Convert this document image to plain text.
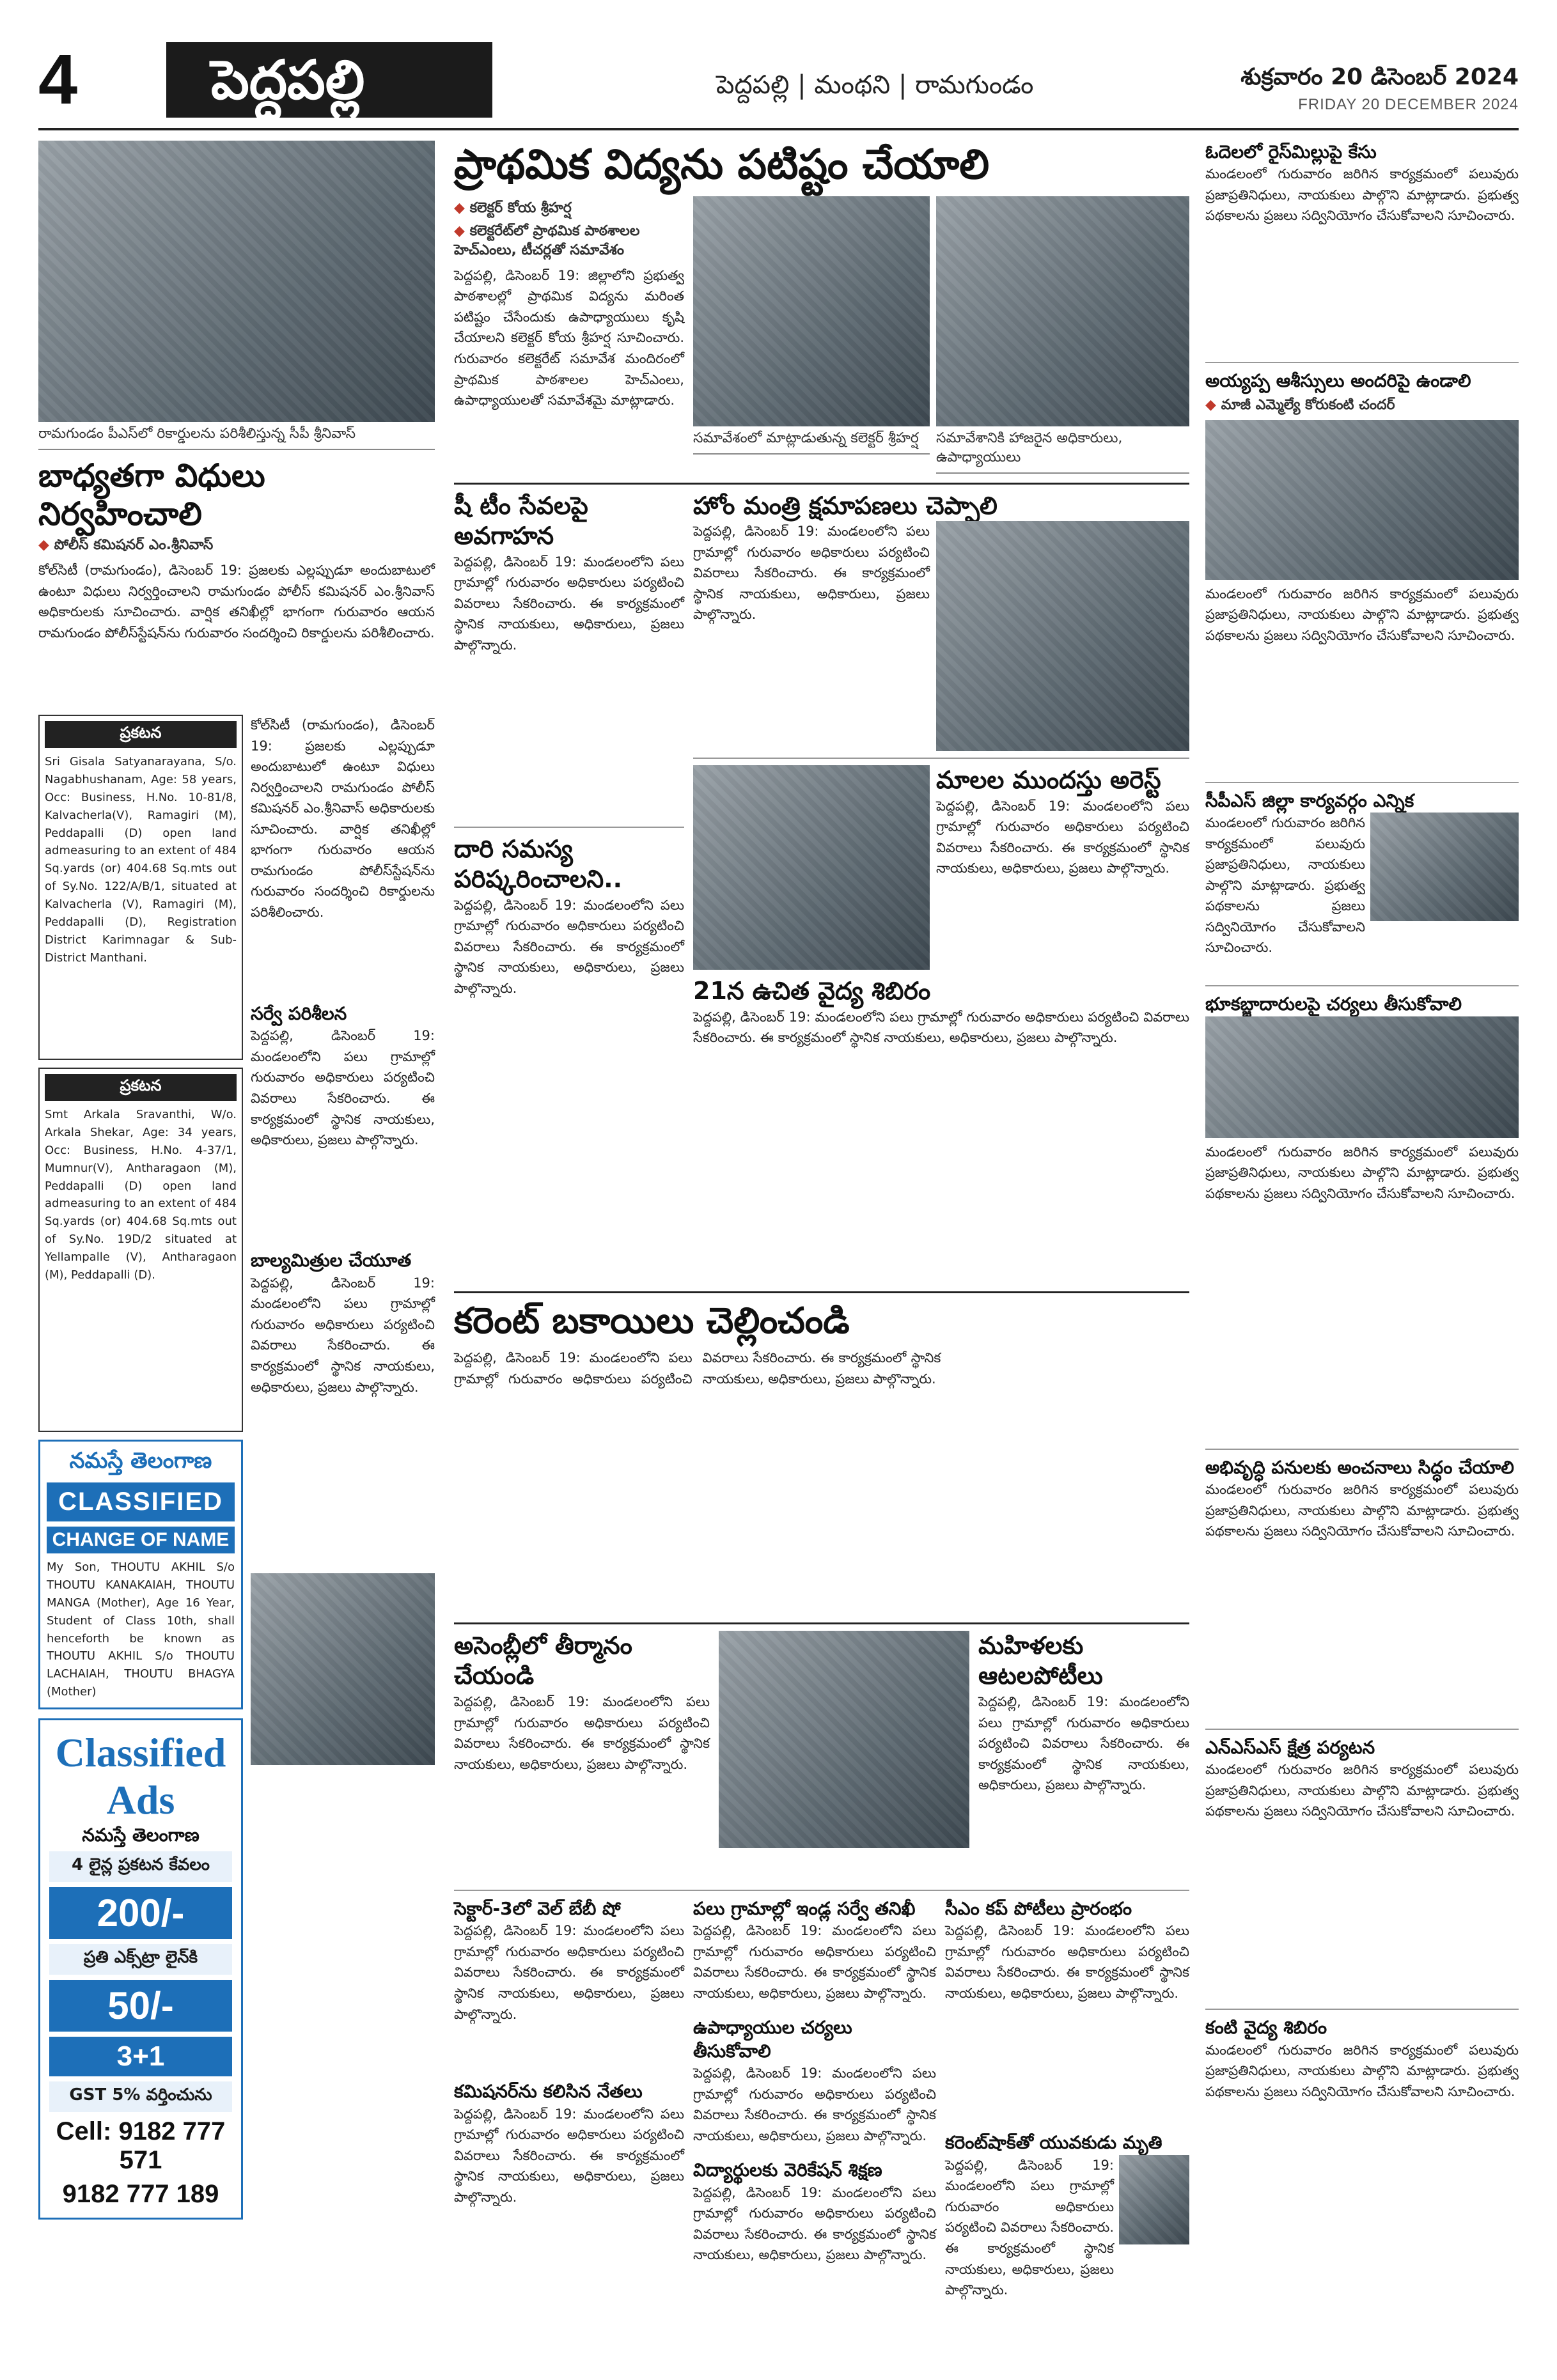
4	పెద్దపల్లి	పెద్దపల్లి | మంథని | రామగుండం	శుక్రవారం 20 డిసెంబర్ 2024
FRIDAY 20 DECEMBER 2024
రామగుండం పీఎస్‌లో రికార్డులను పరిశీలిస్తున్న సీపీ శ్రీనివాస్
బాధ్యతగా విధులు నిర్వహించాలి
◆ పోలీస్ కమిషనర్ ఎం.శ్రీనివాస్
కోల్‌సిటీ (రామగుండం), డిసెంబర్ 19: ప్రజలకు ఎల్లప్పుడూ అందుబాటులో ఉంటూ విధులు నిర్వర్తించాలని రామగుండం పోలీస్ కమిషనర్ ఎం.శ్రీనివాస్ అధికారులకు సూచించారు. వార్షిక తనిఖీల్లో భాగంగా గురువారం ఆయన రామగుండం పోలీస్‌స్టేషన్‌ను గురువారం సందర్శించి రికార్డులను పరిశీలించారు.
ప్రకటన
Sri Gisala Satyanarayana, S/o. Nagabhushanam, Age: 58 years, Occ: Business, H.No. 10-81/8, Kalvacherla(V), Ramagiri (M), Peddapalli (D) open land admeasuring to an extent of 484 Sq.yards (or) 404.68 Sq.mts out of Sy.No. 122/A/B/1, situated at Kalvacherla (V), Ramagiri (M), Peddapalli (D), Registration District Karimnagar & Sub-District Manthani.
ప్రకటన
Smt Arkala Sravanthi, W/o. Arkala Shekar, Age: 34 years, Occ: Business, H.No. 4-37/1, Mumnur(V), Antharagaon (M), Peddapalli (D) open land admeasuring to an extent of 484 Sq.yards (or) 404.68 Sq.mts out of Sy.No. 19D/2 situated at Yellampalle (V), Antharagaon (M), Peddapalli (D).
నమస్తే తెలంగాణ
CLASSIFIED
CHANGE OF NAME
My Son, THOUTU AKHIL S/o THOUTU KANAKAIAH, THOUTU MANGA (Mother), Age 16 Year, Student of Class 10th, shall henceforth be known as THOUTU AKHIL S/o THOUTU LACHAIAH, THOUTU BHAGYA (Mother)
Classified Ads
నమస్తే తెలంగాణ
4 లైన్ల ప్రకటన కేవలం
200/-
ప్రతి ఎక్స్‌ట్రా లైన్‌కి
50/-
3+1
GST 5% వర్తించును
Cell: 9182 777 571
9182 777 189
కోల్‌సిటీ (రామగుండం), డిసెంబర్ 19: ప్రజలకు ఎల్లప్పుడూ అందుబాటులో ఉంటూ విధులు నిర్వర్తించాలని రామగుండం పోలీస్ కమిషనర్ ఎం.శ్రీనివాస్ అధికారులకు సూచించారు. వార్షిక తనిఖీల్లో భాగంగా గురువారం ఆయన రామగుండం పోలీస్‌స్టేషన్‌ను గురువారం సందర్శించి రికార్డులను పరిశీలించారు.
సర్వే పరిశీలన
పెద్దపల్లి, డిసెంబర్ 19: మండలంలోని పలు గ్రామాల్లో గురువారం అధికారులు పర్యటించి వివరాలు సేకరించారు. ఈ కార్యక్రమంలో స్థానిక నాయకులు, అధికారులు, ప్రజలు పాల్గొన్నారు.
బాల్యమిత్రుల చేయూత
పెద్దపల్లి, డిసెంబర్ 19: మండలంలోని పలు గ్రామాల్లో గురువారం అధికారులు పర్యటించి వివరాలు సేకరించారు. ఈ కార్యక్రమంలో స్థానిక నాయకులు, అధికారులు, ప్రజలు పాల్గొన్నారు.
ప్రాథమిక విద్యను పటిష్టం చేయాలి
◆ కలెక్టర్ కోయ శ్రీహర్ష
◆ కలెక్టరేట్‌లో ప్రాథమిక పాఠశాలల హెచ్‌ఎంలు, టీచర్లతో సమావేశం
పెద్దపల్లి, డిసెంబర్ 19: జిల్లాలోని ప్రభుత్వ పాఠశాలల్లో ప్రాథమిక విద్యను మరింత పటిష్టం చేసేందుకు ఉపాధ్యాయులు కృషి చేయాలని కలెక్టర్ కోయ శ్రీహర్ష సూచించారు. గురువారం కలెక్టరేట్ సమావేశ మందిరంలో ప్రాథమిక పాఠశాలల హెచ్‌ఎంలు, ఉపాధ్యాయులతో సమావేశమై మాట్లాడారు.
సమావేశంలో మాట్లాడుతున్న కలెక్టర్ శ్రీహర్ష	సమావేశానికి హాజరైన అధికారులు, ఉపాధ్యాయులు
షీ టీం సేవలపై అవగాహన
పెద్దపల్లి, డిసెంబర్ 19: మండలంలోని పలు గ్రామాల్లో గురువారం అధికారులు పర్యటించి వివరాలు సేకరించారు. ఈ కార్యక్రమంలో స్థానిక నాయకులు, అధికారులు, ప్రజలు పాల్గొన్నారు.
దారి సమస్య పరిష్కరించాలని..
పెద్దపల్లి, డిసెంబర్ 19: మండలంలోని పలు గ్రామాల్లో గురువారం అధికారులు పర్యటించి వివరాలు సేకరించారు. ఈ కార్యక్రమంలో స్థానిక నాయకులు, అధికారులు, ప్రజలు పాల్గొన్నారు.
హోం మంత్రి క్షమాపణలు చెప్పాలి
పెద్దపల్లి, డిసెంబర్ 19: మండలంలోని పలు గ్రామాల్లో గురువారం అధికారులు పర్యటించి వివరాలు సేకరించారు. ఈ కార్యక్రమంలో స్థానిక నాయకులు, అధికారులు, ప్రజలు పాల్గొన్నారు.
మాలల ముందస్తు అరెస్ట్
పెద్దపల్లి, డిసెంబర్ 19: మండలంలోని పలు గ్రామాల్లో గురువారం అధికారులు పర్యటించి వివరాలు సేకరించారు. ఈ కార్యక్రమంలో స్థానిక నాయకులు, అధికారులు, ప్రజలు పాల్గొన్నారు.
21న ఉచిత వైద్య శిబిరం
పెద్దపల్లి, డిసెంబర్ 19: మండలంలోని పలు గ్రామాల్లో గురువారం అధికారులు పర్యటించి వివరాలు సేకరించారు. ఈ కార్యక్రమంలో స్థానిక నాయకులు, అధికారులు, ప్రజలు పాల్గొన్నారు.
కరెంట్ బకాయిలు చెల్లించండి
పెద్దపల్లి, డిసెంబర్ 19: మండలంలోని పలు గ్రామాల్లో గురువారం అధికారులు పర్యటించి వివరాలు సేకరించారు. ఈ కార్యక్రమంలో స్థానిక నాయకులు, అధికారులు, ప్రజలు పాల్గొన్నారు.
అసెంబ్లీలో తీర్మానం చేయండి
పెద్దపల్లి, డిసెంబర్ 19: మండలంలోని పలు గ్రామాల్లో గురువారం అధికారులు పర్యటించి వివరాలు సేకరించారు. ఈ కార్యక్రమంలో స్థానిక నాయకులు, అధికారులు, ప్రజలు పాల్గొన్నారు.
మహిళలకు ఆటలపోటీలు
పెద్దపల్లి, డిసెంబర్ 19: మండలంలోని పలు గ్రామాల్లో గురువారం అధికారులు పర్యటించి వివరాలు సేకరించారు. ఈ కార్యక్రమంలో స్థానిక నాయకులు, అధికారులు, ప్రజలు పాల్గొన్నారు.
సెక్టార్-3లో వెల్ బేబీ షో
పెద్దపల్లి, డిసెంబర్ 19: మండలంలోని పలు గ్రామాల్లో గురువారం అధికారులు పర్యటించి వివరాలు సేకరించారు. ఈ కార్యక్రమంలో స్థానిక నాయకులు, అధికారులు, ప్రజలు పాల్గొన్నారు.
కమిషనర్‌ను కలిసిన నేతలు
పెద్దపల్లి, డిసెంబర్ 19: మండలంలోని పలు గ్రామాల్లో గురువారం అధికారులు పర్యటించి వివరాలు సేకరించారు. ఈ కార్యక్రమంలో స్థానిక నాయకులు, అధికారులు, ప్రజలు పాల్గొన్నారు.
పలు గ్రామాల్లో ఇండ్ల సర్వే తనిఖీ
పెద్దపల్లి, డిసెంబర్ 19: మండలంలోని పలు గ్రామాల్లో గురువారం అధికారులు పర్యటించి వివరాలు సేకరించారు. ఈ కార్యక్రమంలో స్థానిక నాయకులు, అధికారులు, ప్రజలు పాల్గొన్నారు.
ఉపాధ్యాయుల చర్యలు తీసుకోవాలి
పెద్దపల్లి, డిసెంబర్ 19: మండలంలోని పలు గ్రామాల్లో గురువారం అధికారులు పర్యటించి వివరాలు సేకరించారు. ఈ కార్యక్రమంలో స్థానిక నాయకులు, అధికారులు, ప్రజలు పాల్గొన్నారు.
విద్యార్థులకు వెరికేషన్ శిక్షణ
పెద్దపల్లి, డిసెంబర్ 19: మండలంలోని పలు గ్రామాల్లో గురువారం అధికారులు పర్యటించి వివరాలు సేకరించారు. ఈ కార్యక్రమంలో స్థానిక నాయకులు, అధికారులు, ప్రజలు పాల్గొన్నారు.
సీఎం కప్ పోటీలు ప్రారంభం
పెద్దపల్లి, డిసెంబర్ 19: మండలంలోని పలు గ్రామాల్లో గురువారం అధికారులు పర్యటించి వివరాలు సేకరించారు. ఈ కార్యక్రమంలో స్థానిక నాయకులు, అధికారులు, ప్రజలు పాల్గొన్నారు.
కరెంట్‌షాక్‌తో యువకుడు మృతి
పెద్దపల్లి, డిసెంబర్ 19: మండలంలోని పలు గ్రామాల్లో గురువారం అధికారులు పర్యటించి వివరాలు సేకరించారు. ఈ కార్యక్రమంలో స్థానిక నాయకులు, అధికారులు, ప్రజలు పాల్గొన్నారు.
ఓదెలలో రైస్‌మిల్లుపై కేసు
మండలంలో గురువారం జరిగిన కార్యక్రమంలో పలువురు ప్రజాప్రతినిధులు, నాయకులు పాల్గొని మాట్లాడారు. ప్రభుత్వ పథకాలను ప్రజలు సద్వినియోగం చేసుకోవాలని సూచించారు.
అయ్యప్ప ఆశీస్సులు అందరిపై ఉండాలి
◆ మాజీ ఎమ్మెల్యే కోరుకంటి చందర్
మండలంలో గురువారం జరిగిన కార్యక్రమంలో పలువురు ప్రజాప్రతినిధులు, నాయకులు పాల్గొని మాట్లాడారు. ప్రభుత్వ పథకాలను ప్రజలు సద్వినియోగం చేసుకోవాలని సూచించారు.
సీపీఎస్ జిల్లా కార్యవర్గం ఎన్నిక
మండలంలో గురువారం జరిగిన కార్యక్రమంలో పలువురు ప్రజాప్రతినిధులు, నాయకులు పాల్గొని మాట్లాడారు. ప్రభుత్వ పథకాలను ప్రజలు సద్వినియోగం చేసుకోవాలని సూచించారు.
భూకబ్జాదారులపై చర్యలు తీసుకోవాలి
మండలంలో గురువారం జరిగిన కార్యక్రమంలో పలువురు ప్రజాప్రతినిధులు, నాయకులు పాల్గొని మాట్లాడారు. ప్రభుత్వ పథకాలను ప్రజలు సద్వినియోగం చేసుకోవాలని సూచించారు.
అభివృద్ధి పనులకు అంచనాలు సిద్ధం చేయాలి
మండలంలో గురువారం జరిగిన కార్యక్రమంలో పలువురు ప్రజాప్రతినిధులు, నాయకులు పాల్గొని మాట్లాడారు. ప్రభుత్వ పథకాలను ప్రజలు సద్వినియోగం చేసుకోవాలని సూచించారు.
ఎన్‌ఎస్‌ఎస్ క్షేత్ర పర్యటన
మండలంలో గురువారం జరిగిన కార్యక్రమంలో పలువురు ప్రజాప్రతినిధులు, నాయకులు పాల్గొని మాట్లాడారు. ప్రభుత్వ పథకాలను ప్రజలు సద్వినియోగం చేసుకోవాలని సూచించారు.
కంటి వైద్య శిబిరం
మండలంలో గురువారం జరిగిన కార్యక్రమంలో పలువురు ప్రజాప్రతినిధులు, నాయకులు పాల్గొని మాట్లాడారు. ప్రభుత్వ పథకాలను ప్రజలు సద్వినియోగం చేసుకోవాలని సూచించారు.
